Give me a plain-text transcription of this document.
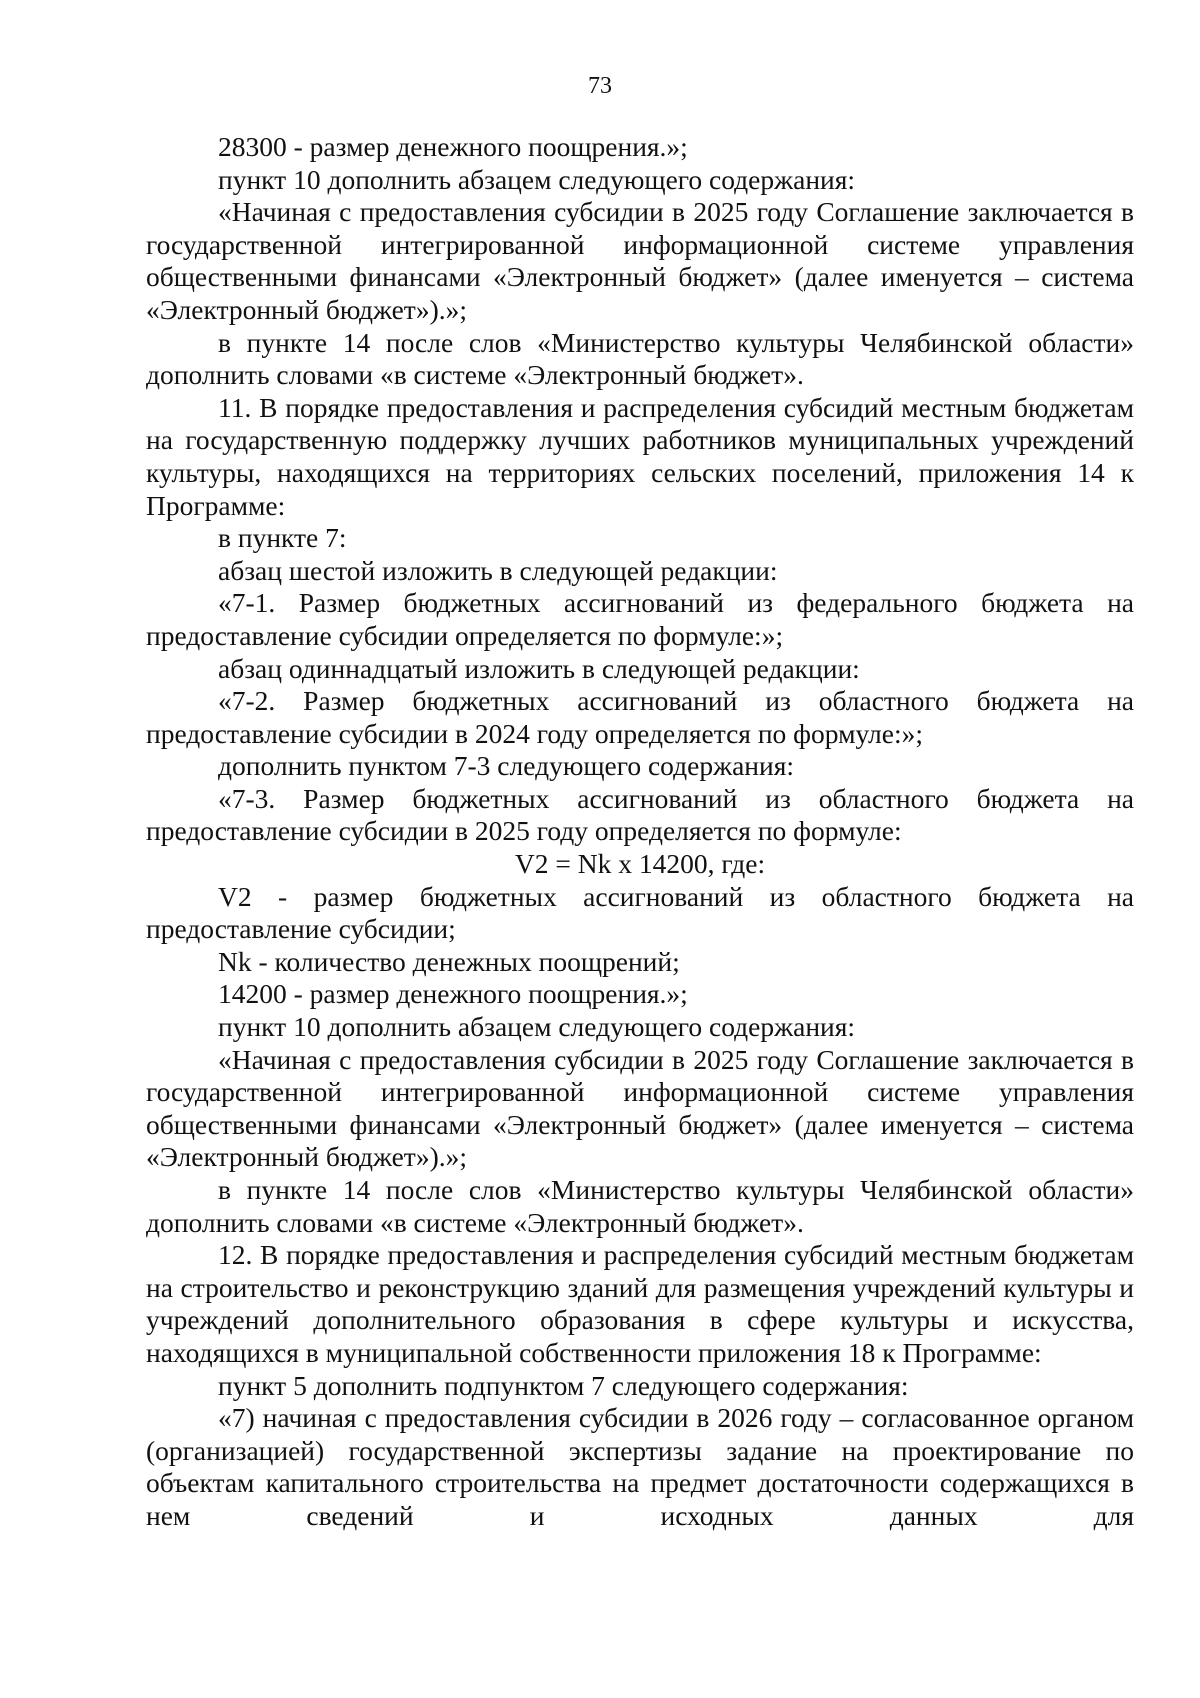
73

28300 - размер денежного поощрения.»;

пункт 10 дополнить абзацем следующего содержания:

«Начиная с предоставления субсидии в 2025 году Соглашение заключается в государственной интегрированной информационной системе управления общественными финансами «Электронный бюджет» (далее именуется – система «Электронный бюджет»).»;

в пункте 14 после слов «Министерство культуры Челябинской области» дополнить словами «в системе «Электронный бюджет».

11. В порядке предоставления и распределения субсидий местным бюджетам на государственную поддержку лучших работников муниципальных учреждений культуры, находящихся на территориях сельских поселений, приложения 14 к Программе:

в пункте 7:

абзац шестой изложить в следующей редакции:

«7-1. Размер бюджетных ассигнований из федерального бюджета на предоставление субсидии определяется по формуле:»;

абзац одиннадцатый изложить в следующей редакции:

«7-2. Размер бюджетных ассигнований из областного бюджета на предоставление субсидии в 2024 году определяется по формуле:»;

дополнить пунктом 7-3 следующего содержания:

«7-3. Размер бюджетных ассигнований из областного бюджета на предоставление субсидии в 2025 году определяется по формуле:

V2 = Nk x 14200, где:

V2 - размер бюджетных ассигнований из областного бюджета на предоставление субсидии;

Nk - количество денежных поощрений;

14200 - размер денежного поощрения.»;

пункт 10 дополнить абзацем следующего содержания:

«Начиная с предоставления субсидии в 2025 году Соглашение заключается в государственной интегрированной информационной системе управления общественными финансами «Электронный бюджет» (далее именуется – система «Электронный бюджет»).»;

в пункте 14 после слов «Министерство культуры Челябинской области» дополнить словами «в системе «Электронный бюджет».

12. В порядке предоставления и распределения субсидий местным бюджетам на строительство и реконструкцию зданий для размещения учреждений культуры и учреждений дополнительного образования в сфере культуры и искусства, находящихся в муниципальной собственности приложения 18 к Программе:

пункт 5 дополнить подпунктом 7 следующего содержания:

«7) начиная с предоставления субсидии в 2026 году – согласованное органом (организацией) государственной экспертизы задание на проектирование по объектам капитального строительства на предмет достаточности содержащихся в нем сведений и исходных данных для
